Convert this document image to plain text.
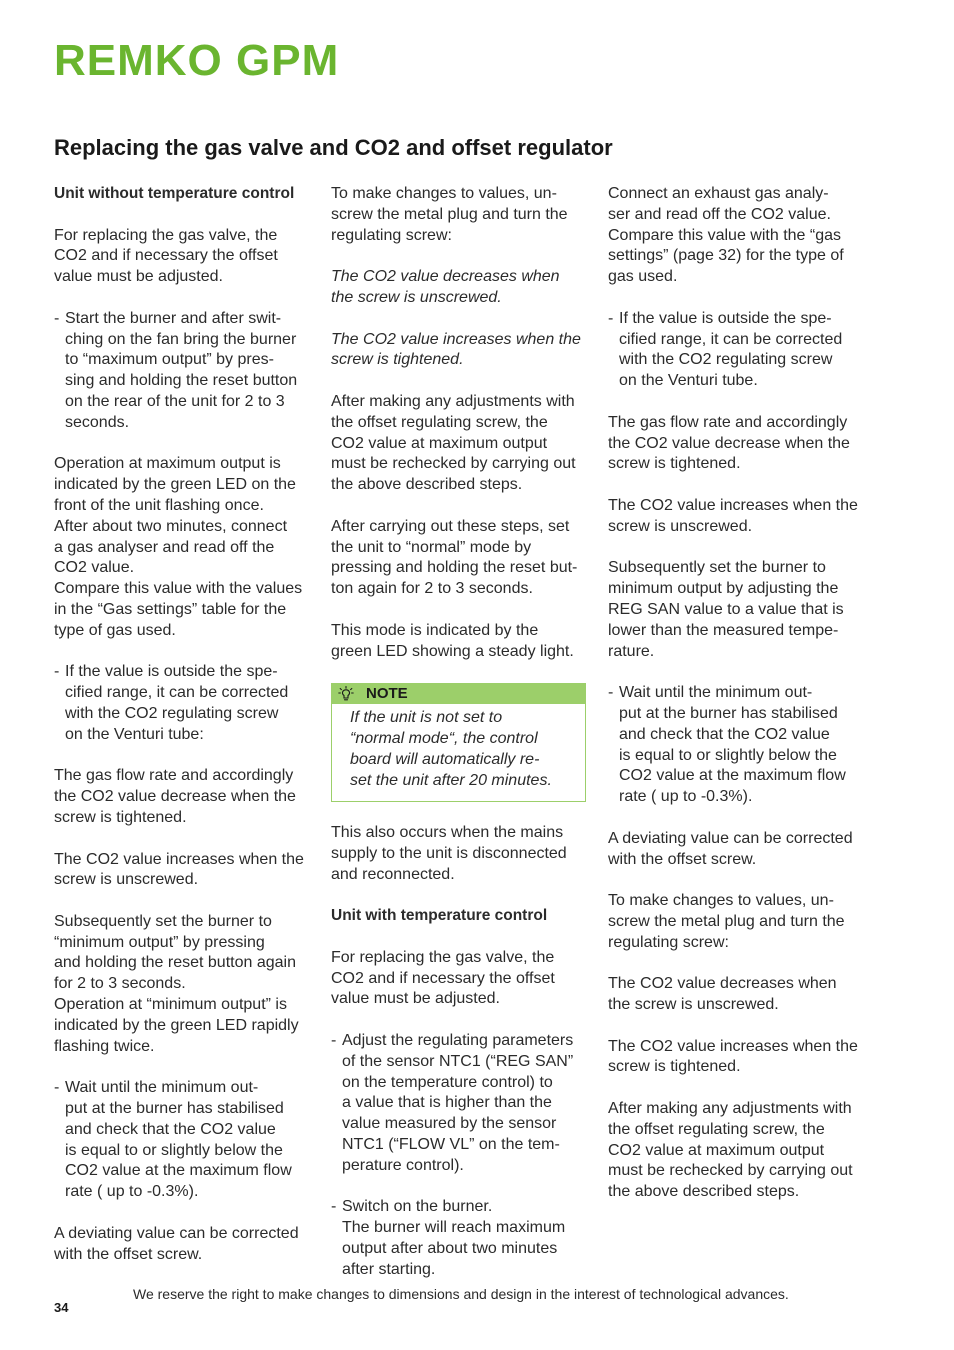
REMKO GPM
Replacing the gas valve and CO2 and offset regulator

Unit without temperature control

For replacing the gas valve, the
CO2 and if necessary the offset
value must be adjusted.

- Start the burner and after swit-
ching on the fan bring the burner
to “maximum output” by pres-
sing and holding the reset button
on the rear of the unit for 2 to 3
seconds.

Operation at maximum output is
indicated by the green LED on the
front of the unit flashing once.
After about two minutes, connect
a gas analyser and read off the
CO2 value.
Compare this value with the values
in the “Gas settings” table for the
type of gas used.

- If the value is outside the spe-
cified range, it can be corrected
with the CO2 regulating screw
on the Venturi tube:

The gas flow rate and accordingly
the CO2 value decrease when the
screw is tightened.

The CO2 value increases when the
screw is unscrewed.

Subsequently set the burner to
“minimum output” by pressing
and holding the reset button again
for 2 to 3 seconds.
Operation at “minimum output” is
indicated by the green LED rapidly
flashing twice.

- Wait until the minimum out-
put at the burner has stabilised
and check that the CO2 value
is equal to or slightly below the
CO2 value at the maximum flow
rate ( up to -0.3%).

A deviating value can be corrected
with the offset screw.

To make changes to values, un-
screw the metal plug and turn the
regulating screw:

The CO2 value decreases when
the screw is unscrewed.

The CO2 value increases when the
screw is tightened.

After making any adjustments with
the offset regulating screw, the
CO2 value at maximum output
must be rechecked by carrying out
the above described steps.

After carrying out these steps, set
the unit to “normal” mode by
pressing and holding the reset but-
ton again for 2 to 3 seconds.

This mode is indicated by the
green LED showing a steady light.

NOTE
If the unit is not set to
“normal mode“, the control
board will automatically re-
set the unit after 20 minutes.

This also occurs when the mains
supply to the unit is disconnected
and reconnected.

Unit with temperature control

For replacing the gas valve, the
CO2 and if necessary the offset
value must be adjusted.

- Adjust the regulating parameters
of the sensor NTC1 (“REG SAN”
on the temperature control) to
a value that is higher than the
value measured by the sensor
NTC1 (“FLOW VL” on the tem-
perature control).
- Switch on the burner.
The burner will reach maximum
output after about two minutes
after starting.

Connect an exhaust gas analy-
ser and read off the CO2 value.
Compare this value with the “gas
settings” (page 32) for the type of
gas used.

- If the value is outside the spe-
cified range, it can be corrected
with the CO2 regulating screw
on the Venturi tube.

The gas flow rate and accordingly
the CO2 value decrease when the
screw is tightened.

The CO2 value increases when the
screw is unscrewed.

Subsequently set the burner to
minimum output by adjusting the
REG SAN value to a value that is
lower than the measured tempe-
rature.

- Wait until the minimum out-
put at the burner has stabilised
and check that the CO2 value
is equal to or slightly below the
CO2 value at the maximum flow
rate ( up to -0.3%).

A deviating value can be corrected
with the offset screw.

To make changes to values, un-
screw the metal plug and turn the
regulating screw:

The CO2 value decreases when
the screw is unscrewed.

The CO2 value increases when the
screw is tightened.

After making any adjustments with
the offset regulating screw, the
CO2 value at maximum output
must be rechecked by carrying out
the above described steps.

We reserve the right to make changes to dimensions and design in the interest of technological advances.
34
